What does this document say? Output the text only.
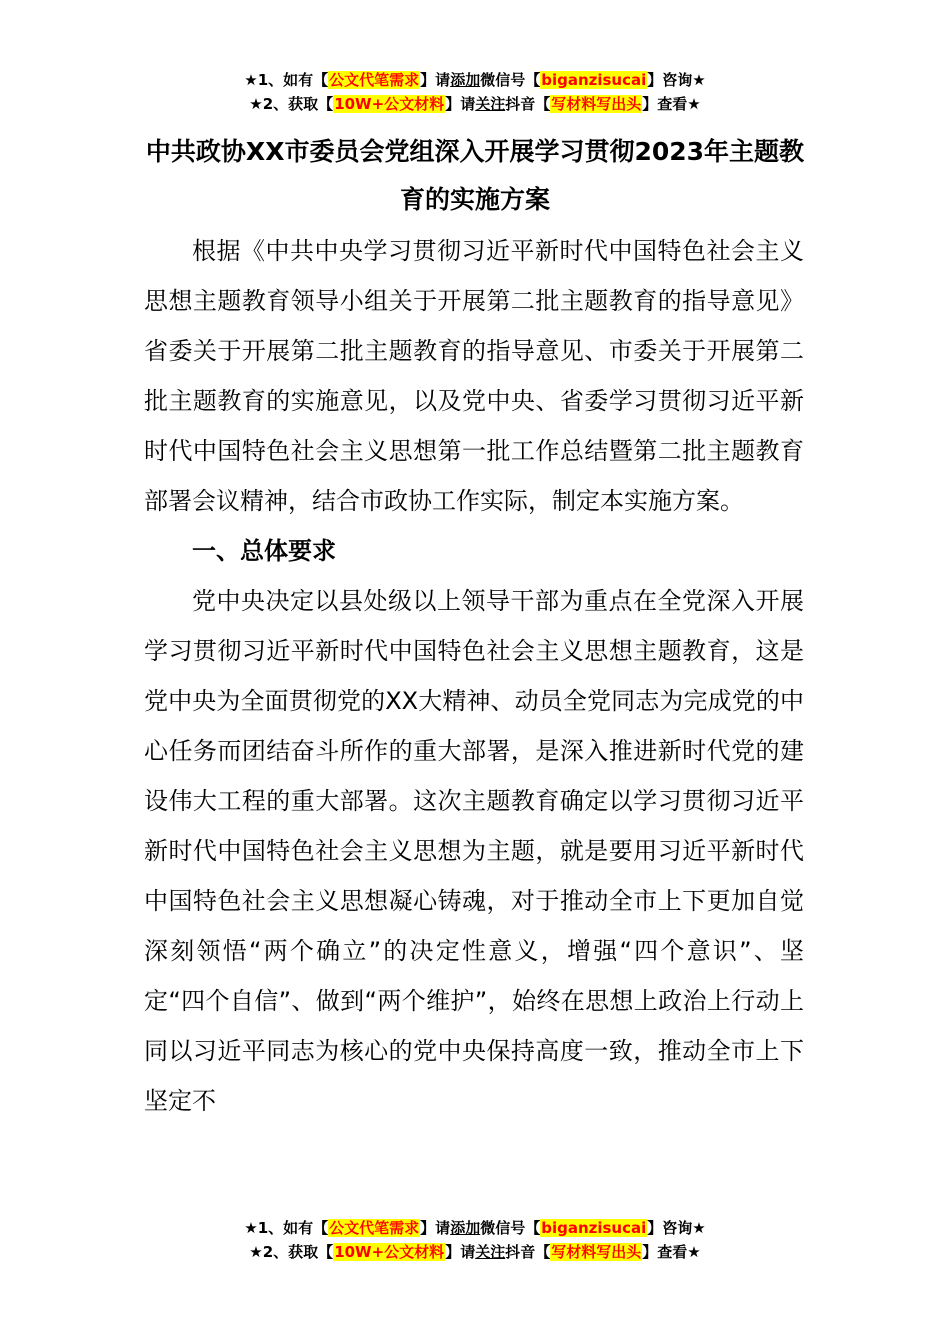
★1、如有【公文代笔需求】请添加微信号【biganzisucai】咨询★
★2、获取【10W+公文材料】请关注抖音【写材料写出头】查看★
中共政协XX市委员会党组深入开展学习贯彻2023年主题教育的实施方案

根据《中共中央学习贯彻习近平新时代中国特色社会主义思想主题教育领导小组关于开展第二批主题教育的指导意见》省委关于开展第二批主题教育的指导意见、市委关于开展第二批主题教育的实施意见，以及党中央、省委学习贯彻习近平新时代中国特色社会主义思想第一批工作总结暨第二批主题教育部署会议精神，结合市政协工作实际，制定本实施方案。

一、总体要求

党中央决定以县处级以上领导干部为重点在全党深入开展学习贯彻习近平新时代中国特色社会主义思想主题教育，这是党中央为全面贯彻党的XX大精神、动员全党同志为完成党的中心任务而团结奋斗所作的重大部署，是深入推进新时代党的建设伟大工程的重大部署。这次主题教育确定以学习贯彻习近平新时代中国特色社会主义思想为主题，就是要用习近平新时代中国特色社会主义思想凝心铸魂，对于推动全市上下更加自觉深刻领悟“两个确立”的决定性意义，增强“四个意识”、坚定“四个自信”、做到“两个维护”，始终在思想上政治上行动上同以习近平同志为核心的党中央保持高度一致，推动全市上下坚定不

★1、如有【公文代笔需求】请添加微信号【biganzisucai】咨询★
★2、获取【10W+公文材料】请关注抖音【写材料写出头】查看★
